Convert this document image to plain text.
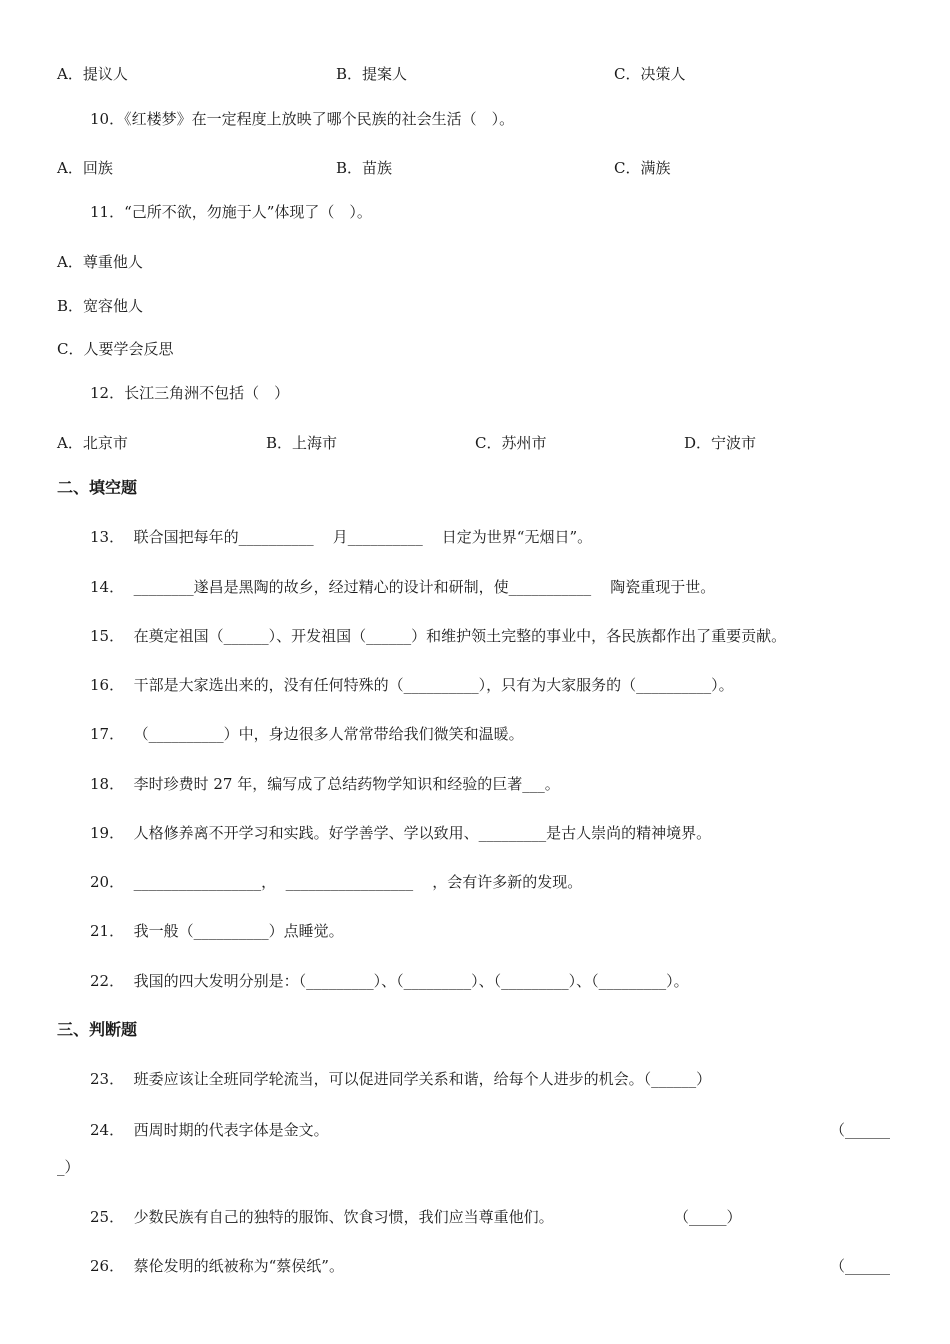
A．提议人	B．提案人	C．决策人
10．《红楼梦》在一定程度上放映了哪个民族的社会生活（　）。
A．回族	B．苗族	C．满族
11．“己所不欲，勿施于人”体现了（　）。
A．尊重他人
B．宽容他人
C．人要学会反思
12．长江三角洲不包括（　）
A．北京市	B．上海市	C．苏州市	D．宁波市
二、填空题
13．  联合国把每年的__________    月__________    日定为世界“无烟日”。
14．  ________遂昌是黑陶的故乡，经过精心的设计和研制，使___________    陶瓷重现于世。
15．  在奠定祖国（______）、开发祖国（______）和维护领土完整的事业中，各民族都作出了重要贡献。
16．  干部是大家选出来的，没有任何特殊的（__________），只有为大家服务的（__________）。
17．  （__________）中，身边很多人常常带给我们微笑和温暖。
18．  李时珍费时 27 年，编写成了总结药物学知识和经验的巨著___。
19．  人格修养离不开学习和实践。好学善学、学以致用、_________是古人崇尚的精神境界。
20．  _________________，  _________________    ，会有许多新的发现。
21．  我一般（__________）点睡觉。
22．  我国的四大发明分别是：（_________）、（_________）、（_________）、（_________）。
三、判断题
23．  班委应该让全班同学轮流当，可以促进同学关系和谐，给每个人进步的机会。（______）
24．  西周时期的代表字体是金文。	（______
_）
25．  少数民族有自己的独特的服饰、饮食习惯，我们应当尊重他们。	（_____）
26．  蔡伦发明的纸被称为“蔡侯纸”。	（______
